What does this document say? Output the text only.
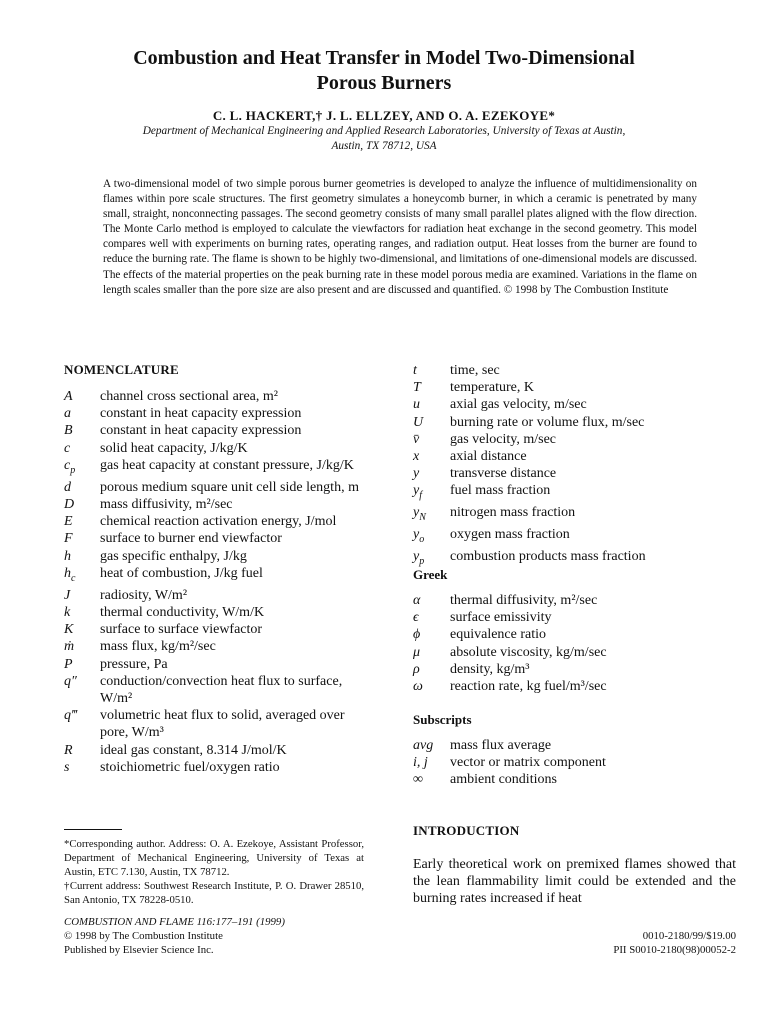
Combustion and Heat Transfer in Model Two-Dimensional
Porous Burners
C. L. HACKERT,† J. L. ELLZEY, AND O. A. EZEKOYE*
Department of Mechanical Engineering and Applied Research Laboratories, University of Texas at Austin,
Austin, TX 78712, USA
A two-dimensional model of two simple porous burner geometries is developed to analyze the influence of multidimensionality on flames within pore scale structures. The first geometry simulates a honeycomb burner, in which a ceramic is penetrated by many small, straight, nonconnecting passages. The second geometry consists of many small parallel plates aligned with the flow direction. The Monte Carlo method is employed to calculate the viewfactors for radiation heat exchange in the second geometry. This model compares well with experiments on burning rates, operating ranges, and radiation output. Heat losses from the burner are found to reduce the burning rate. The flame is shown to be highly two-dimensional, and limitations of one-dimensional models are discussed. The effects of the material properties on the peak burning rate in these model porous media are examined. Variations in the flame on length scales smaller than the pore size are also present and are discussed and quantified. © 1998 by The Combustion Institute
NOMENCLATURE
A	channel cross sectional area, m²
a	constant in heat capacity expression
B	constant in heat capacity expression
c	solid heat capacity, J/kg/K
$c_p$	gas heat capacity at constant pressure, J/kg/K
d	porous medium square unit cell side length, m
D	mass diffusivity, m²/sec
E	chemical reaction activation energy, J/mol
F	surface to burner end viewfactor
h	gas specific enthalpy, J/kg
$h_c$	heat of combustion, J/kg fuel
J	radiosity, W/m²
k	thermal conductivity, W/m/K
K	surface to surface viewfactor
ṁ	mass flux, kg/m²/sec
P	pressure, Pa
q″	conduction/convection heat flux to surface, W/m²
q‴	volumetric heat flux to solid, averaged over pore, W/m³
R	ideal gas constant, 8.314 J/mol/K
s	stoichiometric fuel/oxygen ratio
t	time, sec
T	temperature, K
u	axial gas velocity, m/sec
U	burning rate or volume flux, m/sec
v̄	gas velocity, m/sec
x	axial distance
y	transverse distance
$y_f$	fuel mass fraction
$y_N$	nitrogen mass fraction
$y_o$	oxygen mass fraction
$y_p$	combustion products mass fraction
Greek
α	thermal diffusivity, m²/sec
ϵ	surface emissivity
ϕ	equivalence ratio
μ	absolute viscosity, kg/m/sec
ρ	density, kg/m³
ω	reaction rate, kg fuel/m³/sec
Subscripts
avg	mass flux average
i, j	vector or matrix component
∞	ambient conditions
INTRODUCTION
Early theoretical work on premixed flames showed that the lean flammability limit could be extended and the burning rates increased if heat
*Corresponding author. Address: O. A. Ezekoye, Assistant Professor, Department of Mechanical Engineering, University of Texas at Austin, ETC 7.130, Austin, TX 78712.
†Current address: Southwest Research Institute, P. O. Drawer 28510, San Antonio, TX 78228-0510.
COMBUSTION AND FLAME 116:177–191 (1999)
© 1998 by The Combustion Institute
Published by Elsevier Science Inc.
0010-2180/99/$19.00
PII S0010-2180(98)00052-2
